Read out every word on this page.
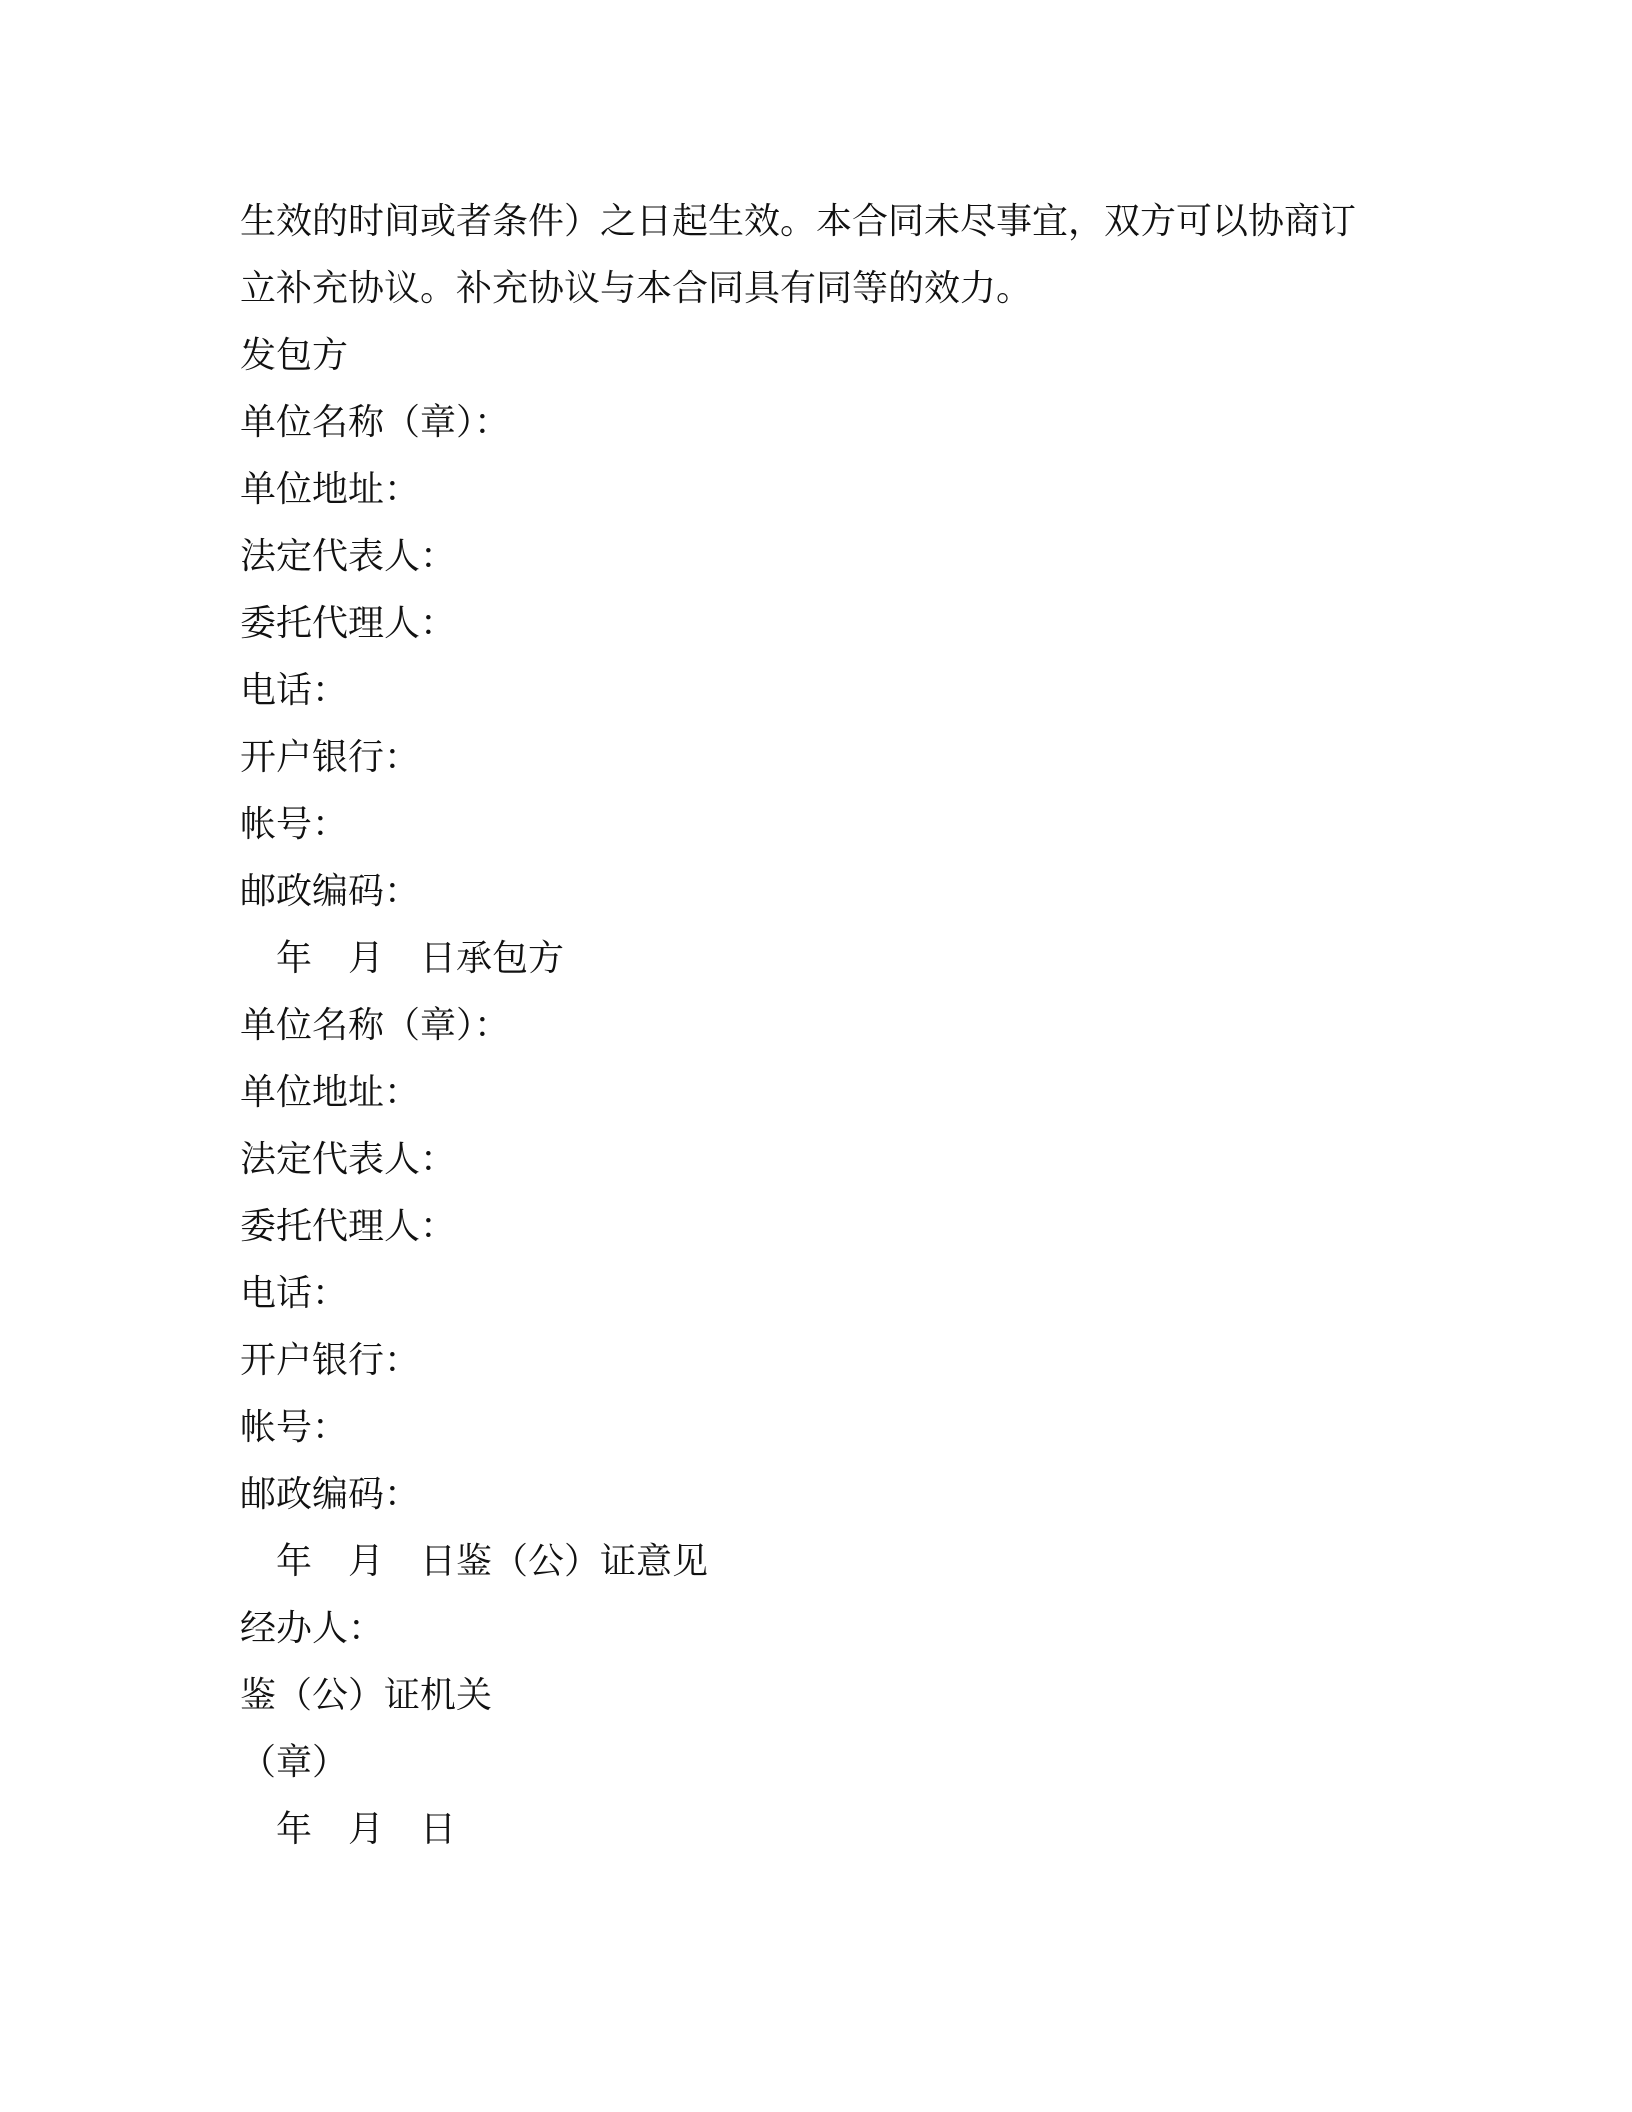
生效的时间或者条件）之日起生效。本合同未尽事宜，双方可以协商订
立补充协议。补充协议与本合同具有同等的效力。
发包方
单位名称（章）：
单位地址：
法定代表人：
委托代理人：
电话：
开户银行：
帐号：
邮政编码：
　年　月　日承包方
单位名称（章）：
单位地址：
法定代表人：
委托代理人：
电话：
开户银行：
帐号：
邮政编码：
　年　月　日鉴（公）证意见
经办人：
鉴（公）证机关
（章）
　年　月　日
